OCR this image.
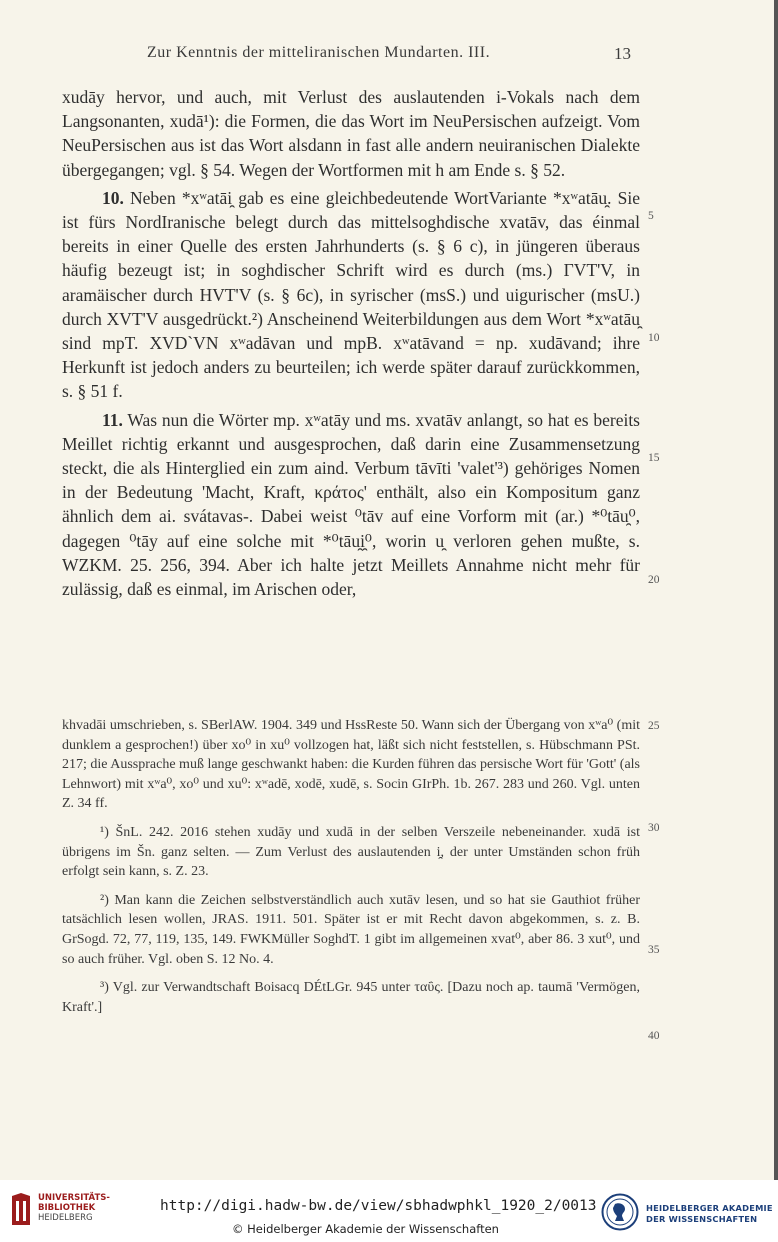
Zur Kenntnis der mitteliranischen Mundarten. III.	13

xudāy hervor, und auch, mit Verlust des auslautenden i-Vokals nach dem Langsonanten, xudā¹): die Formen, die das Wort im NeuPersischen aufzeigt. Vom NeuPersischen aus ist das Wort alsdann in fast alle andern neuiranischen Dialekte übergegangen; vgl. § 54. Wegen der Wortformen mit h am Ende s. § 52.

10. Neben *xʷatāi̯ gab es eine gleichbedeutende WortVariante *xʷatāu̯. Sie ist fürs NordIranische belegt durch das mittelsoghdische xvatāv, das éinmal bereits in einer Quelle des ersten Jahrhunderts (s. § 6 c), in jüngeren überaus häufig bezeugt ist; in soghdischer Schrift wird es durch (ms.) ΓVT'V, in aramäischer durch HVT'V (s. § 6c), in syrischer (msS.) und uigurischer (msU.) durch XVT'V ausgedrückt.²) Anscheinend Weiterbildungen aus dem Wort *xʷatāu̯ sind mpT. XVD`VN xʷadāvan und mpB. xʷatāvand = np. xudāvand; ihre Herkunft ist jedoch anders zu beurteilen; ich werde später darauf zurückkommen, s. § 51 f.

11. Was nun die Wörter mp. xʷatāy und ms. xvatāv anlangt, so hat es bereits Meillet richtig erkannt und ausgesprochen, daß darin eine Zusammensetzung steckt, die als Hinterglied ein zum aind. Verbum tāvīti 'valet'³) gehöriges Nomen in der Bedeutung 'Macht, Kraft, κράτος' enthält, also ein Kompositum ganz ähnlich dem ai. svátavas-. Dabei weist ⁰tāv auf eine Vorform mit (ar.) *⁰tāu̯⁰, dagegen ⁰tāy auf eine solche mit *⁰tāu̯i̯⁰, worin u̯ verloren gehen mußte, s. WZKM. 25. 256, 394. Aber ich halte jetzt Meillets Annahme nicht mehr für zulässig, daß es einmal, im Arischen oder,

khvadāi umschrieben, s. SBerlAW. 1904. 349 und HssReste 50. Wann sich der Übergang von xʷa⁰ (mit dunklem a gesprochen!) über xo⁰ in xu⁰ vollzogen hat, läßt sich nicht feststellen, s. Hübschmann PSt. 217; die Aussprache muß lange geschwankt haben: die Kurden führen das persische Wort für 'Gott' (als Lehnwort) mit xʷa⁰, xo⁰ und xu⁰: xʷadē, xodē, xudē, s. Socin GIrPh. 1b. 267. 283 und 260. Vgl. unten Z. 34 ff.

¹) ŠnL. 242. 2016 stehen xudāy und xudā in der selben Verszeile nebeneinander. xudā ist übrigens im Šn. ganz selten. — Zum Verlust des auslautenden i̯, der unter Umständen schon früh erfolgt sein kann, s. Z. 23.

²) Man kann die Zeichen selbstverständlich auch xutāv lesen, und so hat sie Gauthiot früher tatsächlich lesen wollen, JRAS. 1911. 501. Später ist er mit Recht davon abgekommen, s. z. B. GrSogd. 72, 77, 119, 135, 149. FWKMüller SoghdT. 1 gibt im allgemeinen xvat⁰, aber 86. 3 xut⁰, und so auch früher. Vgl. oben S. 12 No. 4.

³) Vgl. zur Verwandtschaft Boisacq DÉtLGr. 945 unter ταΰς. [Dazu noch ap. taumā 'Vermögen, Kraft'.]

5
10
15
20
25
30
35
40
UNIVERSITÄTS-
BIBLIOTHEK
HEIDELBERG
http://digi.hadw-bw.de/view/sbhadwphkl_1920_2/0013
© Heidelberger Akademie der Wissenschaften
HEIDELBERGER AKADEMIE
DER WISSENSCHAFTEN
